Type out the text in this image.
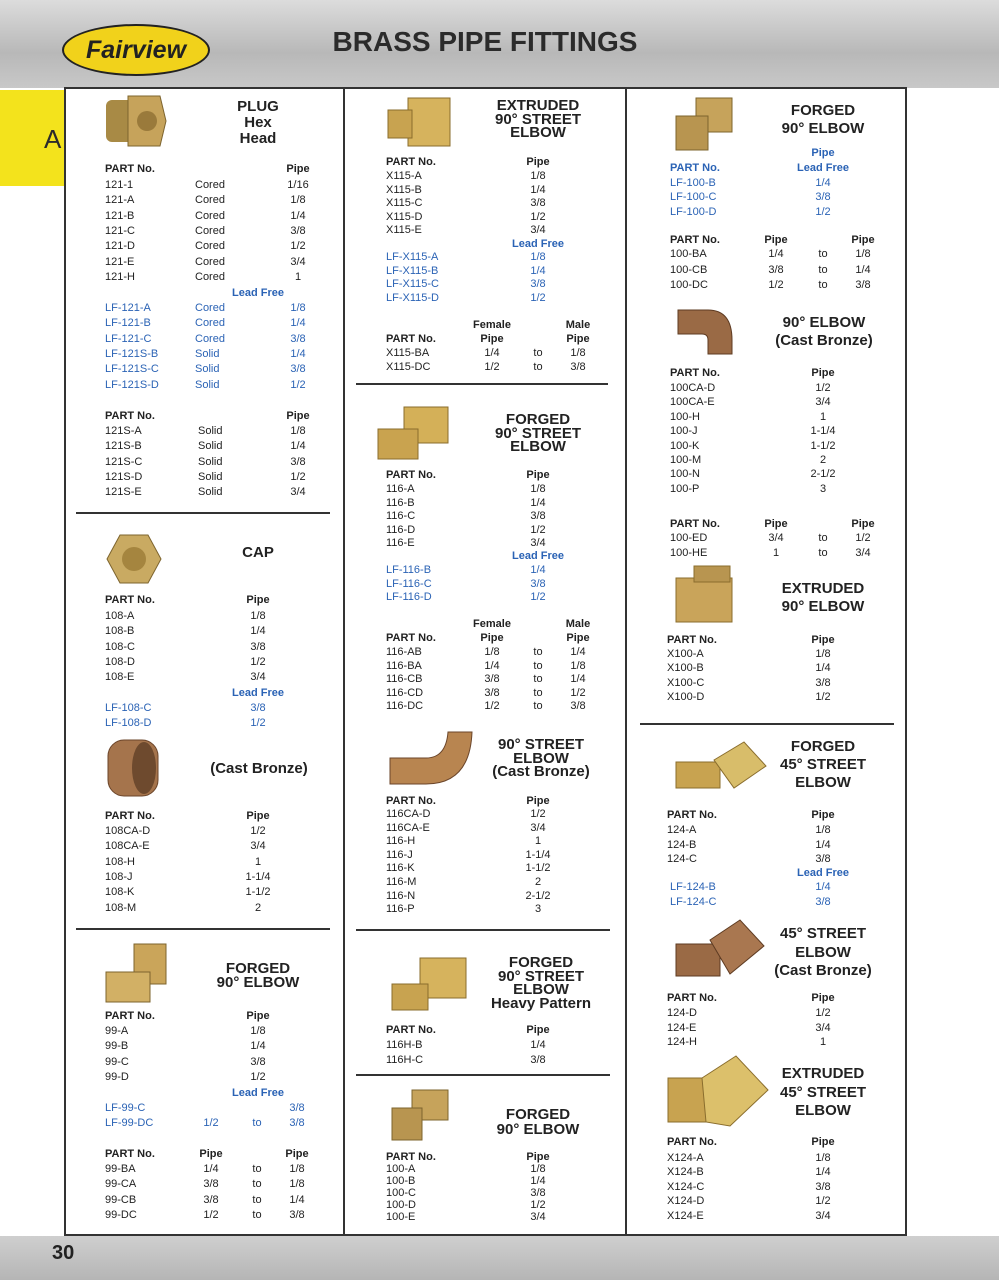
Fairview	BRASS PIPE FITTINGS
A
30
PLUG
Hex
Head
PART No.	Pipe
121-1	Cored	1/16
121-A	Cored	1/8
121-B	Cored	1/4
121-C	Cored	3/8
121-D	Cored	1/2
121-E	Cored	3/4
121-H	Cored	1
Lead Free
LF-121-A	Cored	1/8
LF-121-B	Cored	1/4
LF-121-C	Cored	3/8
LF-121S-B	Solid	1/4
LF-121S-C	Solid	3/8
LF-121S-D	Solid	1/2
PART No.	Pipe
121S-A	Solid	1/8
121S-B	Solid	1/4
121S-C	Solid	3/8
121S-D	Solid	1/2
121S-E	Solid	3/4
CAP
PART No.	Pipe
108-A	1/8
108-B	1/4
108-C	3/8
108-D	1/2
108-E	3/4
Lead Free
LF-108-C	3/8
LF-108-D	1/2
(Cast Bronze)
PART No.	Pipe
108CA-D	1/2
108CA-E	3/4
108-H	1
108-J	1-1/4
108-K	1-1/2
108-M	2
FORGED
90° ELBOW
PART No.	Pipe
99-A	1/8
99-B	1/4
99-C	3/8
99-D	1/2
Lead Free
LF-99-C	3/8
LF-99-DC	1/2	to	3/8
PART No.	Pipe	Pipe
99-BA	1/4	to	1/8
99-CA	3/8	to	1/8
99-CB	3/8	to	1/4
99-DC	1/2	to	3/8
EXTRUDED
90° STREET
ELBOW
PART No.	Pipe
X115-A	1/8
X115-B	1/4
X115-C	3/8
X115-D	1/2
X115-E	3/4
Lead Free
LF-X115-A	1/8
LF-X115-B	1/4
LF-X115-C	3/8
LF-X115-D	1/2
Female	Male
PART No.	Pipe	Pipe
X115-BA	1/4	to	1/8
X115-DC	1/2	to	3/8
FORGED
90° STREET
ELBOW
PART No.	Pipe
116-A	1/8
116-B	1/4
116-C	3/8
116-D	1/2
116-E	3/4
Lead Free
LF-116-B	1/4
LF-116-C	3/8
LF-116-D	1/2
Female	Male
PART No.	Pipe	Pipe
116-AB	1/8	to	1/4
116-BA	1/4	to	1/8
116-CB	3/8	to	1/4
116-CD	3/8	to	1/2
116-DC	1/2	to	3/8
90° STREET
ELBOW
(Cast Bronze)
PART No.	Pipe
116CA-D	1/2
116CA-E	3/4
116-H	1
116-J	1-1/4
116-K	1-1/2
116-M	2
116-N	2-1/2
116-P	3
FORGED
90° STREET
ELBOW
Heavy Pattern
PART No.	Pipe
116H-B	1/4
116H-C	3/8
FORGED
90° ELBOW
PART No.	Pipe
100-A	1/8
100-B	1/4
100-C	3/8
100-D	1/2
100-E	3/4
FORGED
90° ELBOW
Pipe
PART No.	Lead Free
LF-100-B	1/4
LF-100-C	3/8
LF-100-D	1/2
PART No.	Pipe	Pipe
100-BA	1/4	to	1/8
100-CB	3/8	to	1/4
100-DC	1/2	to	3/8
90° ELBOW
(Cast Bronze)
PART No.	Pipe
100CA-D	1/2
100CA-E	3/4
100-H	1
100-J	1-1/4
100-K	1-1/2
100-M	2
100-N	2-1/2
100-P	3
PART No.	Pipe	Pipe
100-ED	3/4	to	1/2
100-HE	1	to	3/4
EXTRUDED
90° ELBOW
PART No.	Pipe
X100-A	1/8
X100-B	1/4
X100-C	3/8
X100-D	1/2
FORGED
45° STREET
ELBOW
PART No.	Pipe
124-A	1/8
124-B	1/4
124-C	3/8
Lead Free
LF-124-B	1/4
LF-124-C	3/8
45° STREET
ELBOW
(Cast Bronze)
PART No.	Pipe
124-D	1/2
124-E	3/4
124-H	1
EXTRUDED
45° STREET
ELBOW
PART No.	Pipe
X124-A	1/8
X124-B	1/4
X124-C	3/8
X124-D	1/2
X124-E	3/4
